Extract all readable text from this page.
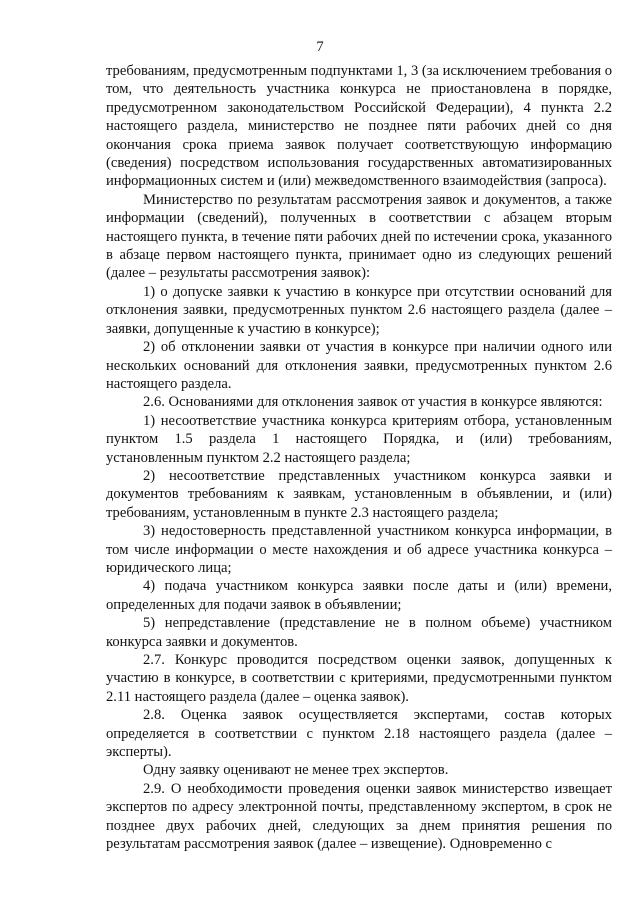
7

требованиям, предусмотренным подпунктами 1, 3 (за исключением требования о том, что деятельность участника конкурса не приостановлена в порядке, предусмотренном законодательством Российской Федерации), 4 пункта 2.2 настоящего раздела, министерство не позднее пяти рабочих дней со дня окончания срока приема заявок получает соответствующую информацию (сведения) посредством использования государственных автоматизированных информационных систем и (или) межведомственного взаимодействия (запроса).

Министерство по результатам рассмотрения заявок и документов, а также информации (сведений), полученных в соответствии с абзацем вторым настоящего пункта, в течение пяти рабочих дней по истечении срока, указанного в абзаце первом настоящего пункта, принимает одно из следующих решений (далее – результаты рассмотрения заявок):

1) о допуске заявки к участию в конкурсе при отсутствии оснований для отклонения заявки, предусмотренных пунктом 2.6 настоящего раздела (далее – заявки, допущенные к участию в конкурсе);

2) об отклонении заявки от участия в конкурсе при наличии одного или нескольких оснований для отклонения заявки, предусмотренных пунктом 2.6 настоящего раздела.

2.6. Основаниями для отклонения заявок от участия в конкурсе являются:

1) несоответствие участника конкурса критериям отбора, установленным пунктом 1.5 раздела 1 настоящего Порядка, и (или) требованиям, установленным пунктом 2.2 настоящего раздела;

2) несоответствие представленных участником конкурса заявки и документов требованиям к заявкам, установленным в объявлении, и (или) требованиям, установленным в пункте 2.3 настоящего раздела;

3) недостоверность представленной участником конкурса информации, в том числе информации о месте нахождения и об адресе участника конкурса – юридического лица;

4) подача участником конкурса заявки после даты и (или) времени, определенных для подачи заявок в объявлении;

5) непредставление (представление не в полном объеме) участником конкурса заявки и документов.

2.7. Конкурс проводится посредством оценки заявок, допущенных к участию в конкурсе, в соответствии с критериями, предусмотренными пунктом 2.11 настоящего раздела (далее – оценка заявок).

2.8. Оценка заявок осуществляется экспертами, состав которых определяется в соответствии с пунктом 2.18 настоящего раздела (далее – эксперты).

Одну заявку оценивают не менее трех экспертов.

2.9. О необходимости проведения оценки заявок министерство извещает экспертов по адресу электронной почты, представленному экспертом, в срок не позднее двух рабочих дней, следующих за днем принятия решения по результатам рассмотрения заявок (далее – извещение). Одновременно с
